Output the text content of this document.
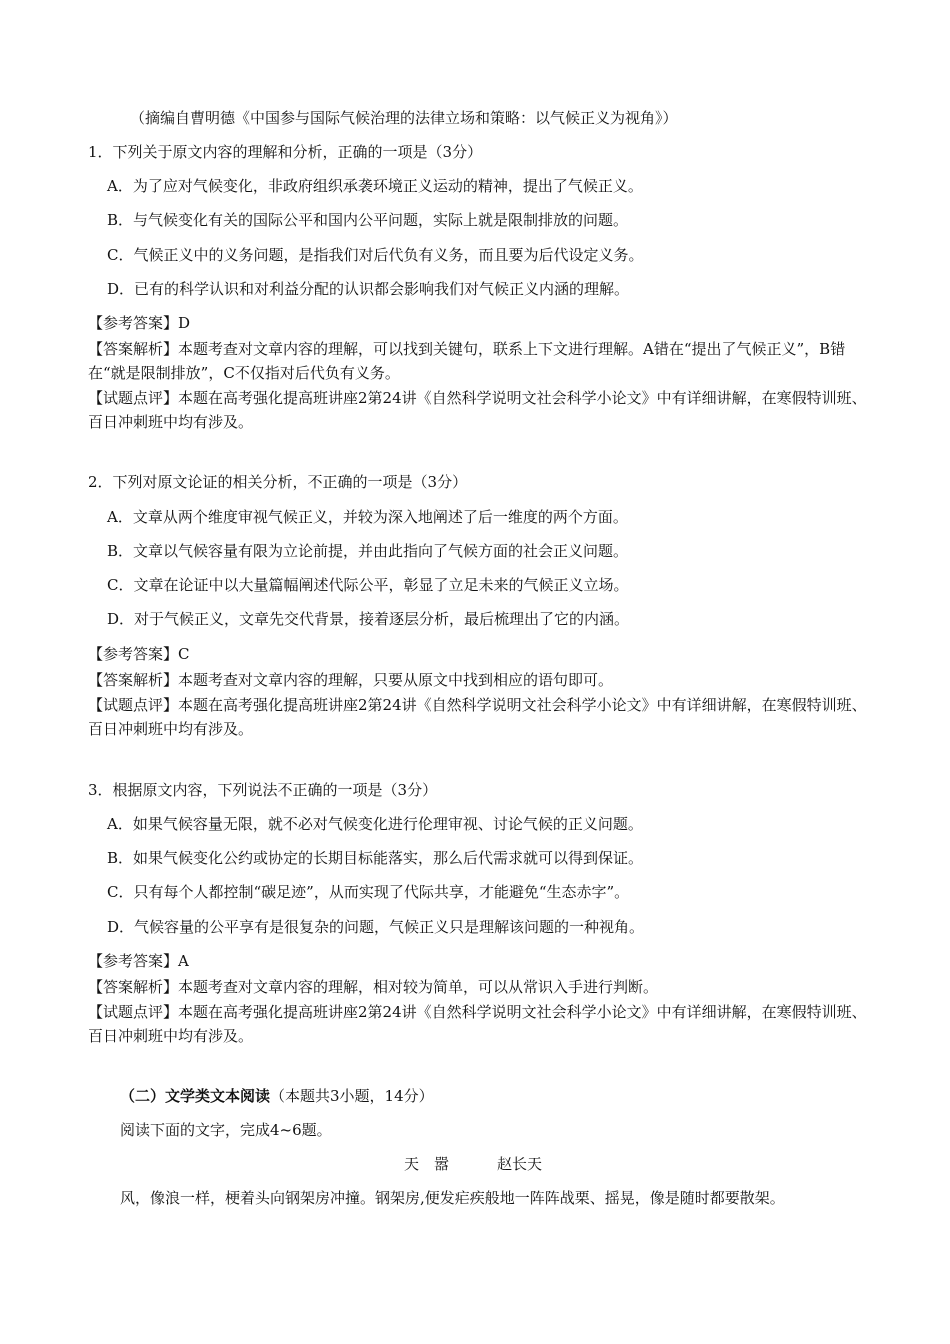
（摘编自曹明德《中国参与国际气候治理的法律立场和策略：以气候正义为视角》）
1．下列关于原文内容的理解和分析，正确的一项是（3分）
A．为了应对气候变化，非政府组织承袭环境正义运动的精神，提出了气候正义。
B．与气候变化有关的国际公平和国内公平问题，实际上就是限制排放的问题。
C．气候正义中的义务问题，是指我们对后代负有义务，而且要为后代设定义务。
D．已有的科学认识和对利益分配的认识都会影响我们对气候正义内涵的理解。
【参考答案】D
【答案解析】本题考查对文章内容的理解，可以找到关键句，联系上下文进行理解。A错在“提出了气候正义”，B错在“就是限制排放”，C不仅指对后代负有义务。
【试题点评】本题在高考强化提高班讲座2第24讲《自然科学说明文社会科学小论文》中有详细讲解，在寒假特训班、百日冲刺班中均有涉及。
2．下列对原文论证的相关分析，不正确的一项是（3分）
A．文章从两个维度审视气候正义，并较为深入地阐述了后一维度的两个方面。
B．文章以气候容量有限为立论前提，并由此指向了气候方面的社会正义问题。
C．文章在论证中以大量篇幅阐述代际公平，彰显了立足未来的气候正义立场。
D．对于气候正义，文章先交代背景，接着逐层分析，最后梳理出了它的内涵。
【参考答案】C
【答案解析】本题考查对文章内容的理解，只要从原文中找到相应的语句即可。
【试题点评】本题在高考强化提高班讲座2第24讲《自然科学说明文社会科学小论文》中有详细讲解，在寒假特训班、百日冲刺班中均有涉及。
3．根据原文内容，下列说法不正确的一项是（3分）
A．如果气候容量无限，就不必对气候变化进行伦理审视、讨论气候的正义问题。
B．如果气候变化公约或协定的长期目标能落实，那么后代需求就可以得到保证。
C．只有每个人都控制“碳足迹”，从而实现了代际共享，才能避免“生态赤字”。
D．气候容量的公平享有是很复杂的问题，气候正义只是理解该问题的一种视角。
【参考答案】A
【答案解析】本题考查对文章内容的理解，相对较为简单，可以从常识入手进行判断。
【试题点评】本题在高考强化提高班讲座2第24讲《自然科学说明文社会科学小论文》中有详细讲解，在寒假特训班、百日冲刺班中均有涉及。
（二）文学类文本阅读（本题共3小题，14分）
阅读下面的文字，完成4~6题。
天　嚣	赵长天
风，像浪一样，梗着头向钢架房冲撞。钢架房,便发疟疾般地一阵阵战栗、摇晃，像是随时都要散架。
